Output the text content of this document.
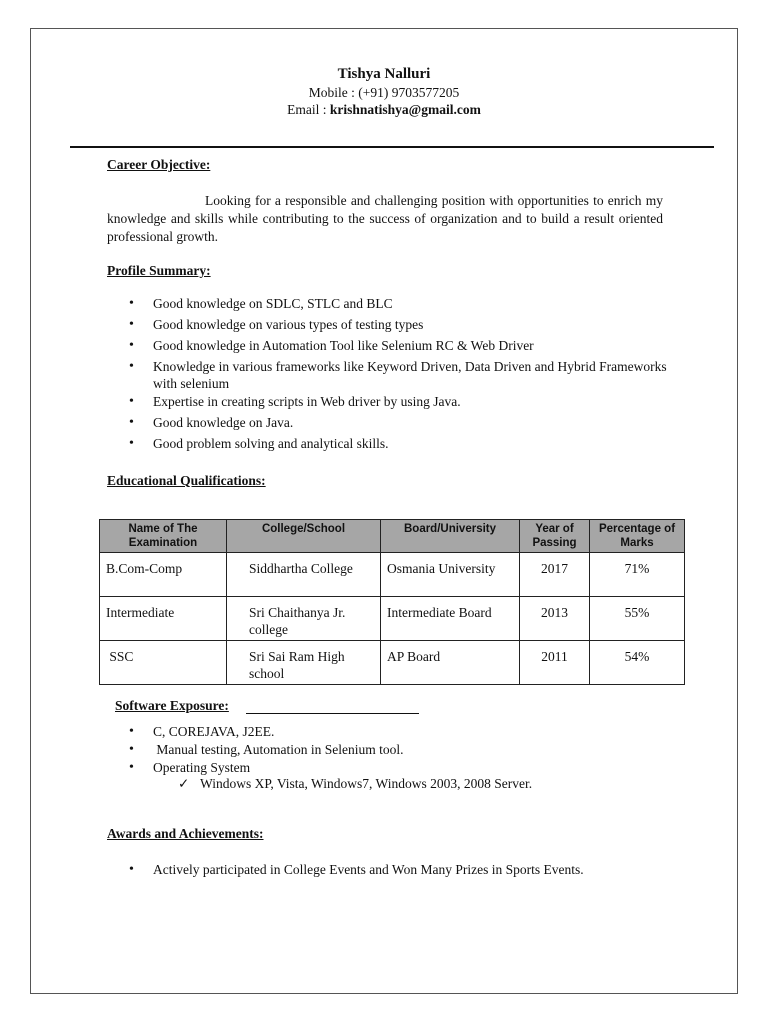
Tishya Nalluri
Mobile : (+91) 9703577205
Email : krishnatishya@gmail.com
Career Objective:
Looking for a responsible and challenging position with opportunities to enrich my knowledge and skills while contributing to the success of organization and to build a result oriented professional growth.
Profile Summary:
• Good knowledge on SDLC, STLC and BLC
• Good knowledge on various types of testing types
• Good knowledge in Automation Tool like Selenium RC & Web Driver
• Knowledge in various frameworks like Keyword Driven, Data Driven and Hybrid Frameworks with selenium
• Expertise in creating scripts in Web driver by using Java.
• Good knowledge on Java.
• Good problem solving and analytical skills.
Educational Qualifications:
Name of The Examination	College/School	Board/University	Year of Passing	Percentage of Marks
B.Com-Comp	Siddhartha College	Osmania University	2017	71%
Intermediate	Sri Chaithanya Jr. college	Intermediate Board	2013	55%
SSC	Sri Sai Ram High school	AP Board	2011	54%
Software Exposure:
• C, COREJAVA, J2EE.
•  Manual testing, Automation in Selenium tool.
• Operating System
✓ Windows XP, Vista, Windows7, Windows 2003, 2008 Server.
Awards and Achievements:
• Actively participated in College Events and Won Many Prizes in Sports Events.
